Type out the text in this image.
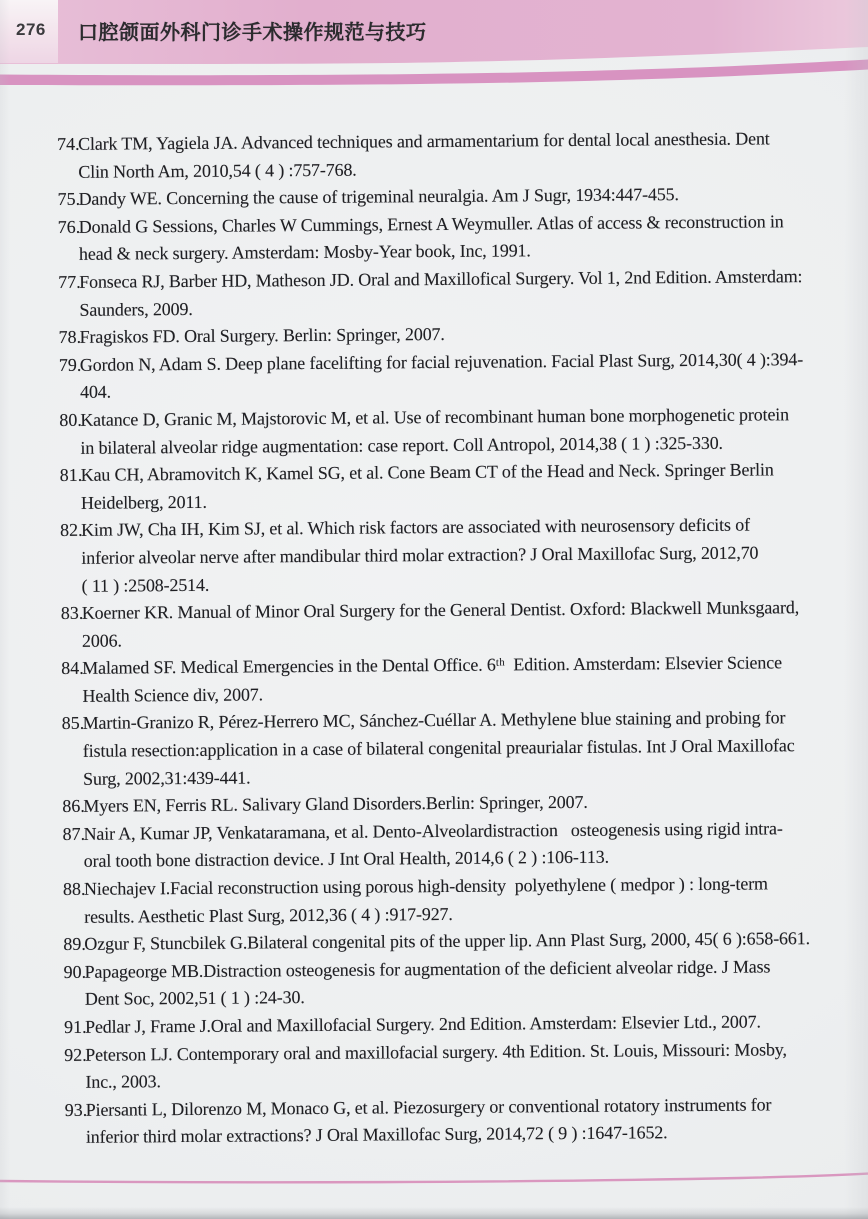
276 口腔颌面外科门诊手术操作规范与技巧
74.
Clark TM, Yagiela JA. Advanced techniques and armamentarium for dental local anesthesia. Dent
Clin North Am, 2010,54 ( 4 ) :757-768.
75.
Dandy WE. Concerning the cause of trigeminal neuralgia. Am J Sugr, 1934:447-455.
76.
Donald G Sessions, Charles W Cummings, Ernest A Weymuller. Atlas of access & reconstruction in
head & neck surgery. Amsterdam: Mosby-Year book, Inc, 1991.
77.
Fonseca RJ, Barber HD, Matheson JD. Oral and Maxillofical Surgery. Vol 1, 2nd Edition. Amsterdam:
Saunders, 2009.
78.
Fragiskos FD. Oral Surgery. Berlin: Springer, 2007.
79.
Gordon N, Adam S. Deep plane facelifting for facial rejuvenation. Facial Plast Surg, 2014,30( 4 ):394-
404.
80.
Katance D, Granic M, Majstorovic M, et al. Use of recombinant human bone morphogenetic protein
in bilateral alveolar ridge augmentation: case report. Coll Antropol, 2014,38 ( 1 ) :325-330.
81.
Kau CH, Abramovitch K, Kamel SG, et al. Cone Beam CT of the Head and Neck. Springer Berlin
Heidelberg, 2011.
82.
Kim JW, Cha IH, Kim SJ, et al. Which risk factors are associated with neurosensory deficits of
inferior alveolar nerve after mandibular third molar extraction? J Oral Maxillofac Surg, 2012,70
( 11 ) :2508-2514.
83.
Koerner KR. Manual of Minor Oral Surgery for the General Dentist. Oxford: Blackwell Munksgaard,
2006.
84.
Malamed SF. Medical Emergencies in the Dental Office. 6ᵗʰ  Edition. Amsterdam: Elsevier Science
Health Science div, 2007.
85.
Martin-Granizo R, Pérez-Herrero MC, Sánchez-Cuéllar A. Methylene blue staining and probing for
fistula resection:application in a case of bilateral congenital preaurialar fistulas. Int J Oral Maxillofac
Surg, 2002,31:439-441.
86.
Myers EN, Ferris RL. Salivary Gland Disorders.Berlin: Springer, 2007.
87.
Nair A, Kumar JP, Venkataramana, et al. Dento-Alveolardistraction   osteogenesis using rigid intra-
oral tooth bone distraction device. J Int Oral Health, 2014,6 ( 2 ) :106-113.
88.
Niechajev I.Facial reconstruction using porous high-density  polyethylene ( medpor ) : long-term
results. Aesthetic Plast Surg, 2012,36 ( 4 ) :917-927.
89.
Ozgur F, Stuncbilek G.Bilateral congenital pits of the upper lip. Ann Plast Surg, 2000, 45( 6 ):658-661.
90.
Papageorge MB.Distraction osteogenesis for augmentation of the deficient alveolar ridge. J Mass
Dent Soc, 2002,51 ( 1 ) :24-30.
91.
Pedlar J, Frame J.Oral and Maxillofacial Surgery. 2nd Edition. Amsterdam: Elsevier Ltd., 2007.
92.
Peterson LJ. Contemporary oral and maxillofacial surgery. 4th Edition. St. Louis, Missouri: Mosby,
Inc., 2003.
93.
Piersanti L, Dilorenzo M, Monaco G, et al. Piezosurgery or conventional rotatory instruments for
inferior third molar extractions? J Oral Maxillofac Surg, 2014,72 ( 9 ) :1647-1652.
